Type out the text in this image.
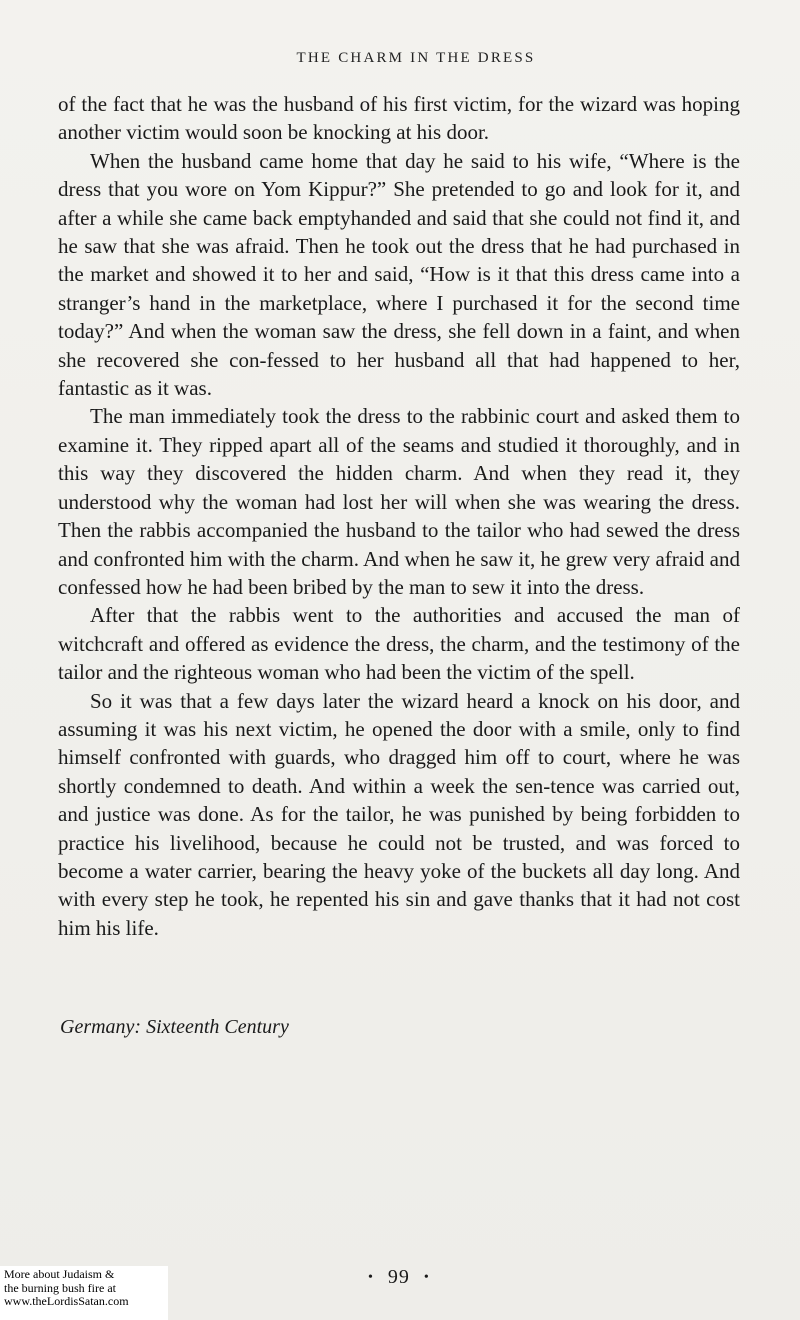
THE CHARM IN THE DRESS

of the fact that he was the husband of his first victim, for the wizard was hoping another victim would soon be knocking at his door.

When the husband came home that day he said to his wife, “Where is the dress that you wore on Yom Kippur?” She pretended to go and look for it, and after a while she came back emptyhanded and said that she could not find it, and he saw that she was afraid. Then he took out the dress that he had purchased in the market and showed it to her and said, “How is it that this dress came into a stranger’s hand in the marketplace, where I purchased it for the second time today?” And when the woman saw the dress, she fell down in a faint, and when she recovered she con-fessed to her husband all that had happened to her, fantastic as it was.

The man immediately took the dress to the rabbinic court and asked them to examine it. They ripped apart all of the seams and studied it thoroughly, and in this way they discovered the hidden charm. And when they read it, they understood why the woman had lost her will when she was wearing the dress. Then the rabbis accompanied the husband to the tailor who had sewed the dress and confronted him with the charm. And when he saw it, he grew very afraid and confessed how he had been bribed by the man to sew it into the dress.

After that the rabbis went to the authorities and accused the man of witchcraft and offered as evidence the dress, the charm, and the testimony of the tailor and the righteous woman who had been the victim of the spell.

So it was that a few days later the wizard heard a knock on his door, and assuming it was his next victim, he opened the door with a smile, only to find himself confronted with guards, who dragged him off to court, where he was shortly condemned to death. And within a week the sen-tence was carried out, and justice was done. As for the tailor, he was punished by being forbidden to practice his livelihood, because he could not be trusted, and was forced to become a water carrier, bearing the heavy yoke of the buckets all day long. And with every step he took, he repented his sin and gave thanks that it had not cost him his life.

Germany: Sixteenth Century
• 99 •
More about Judaism &
the burning bush fire at
www.theLordisSatan.com
